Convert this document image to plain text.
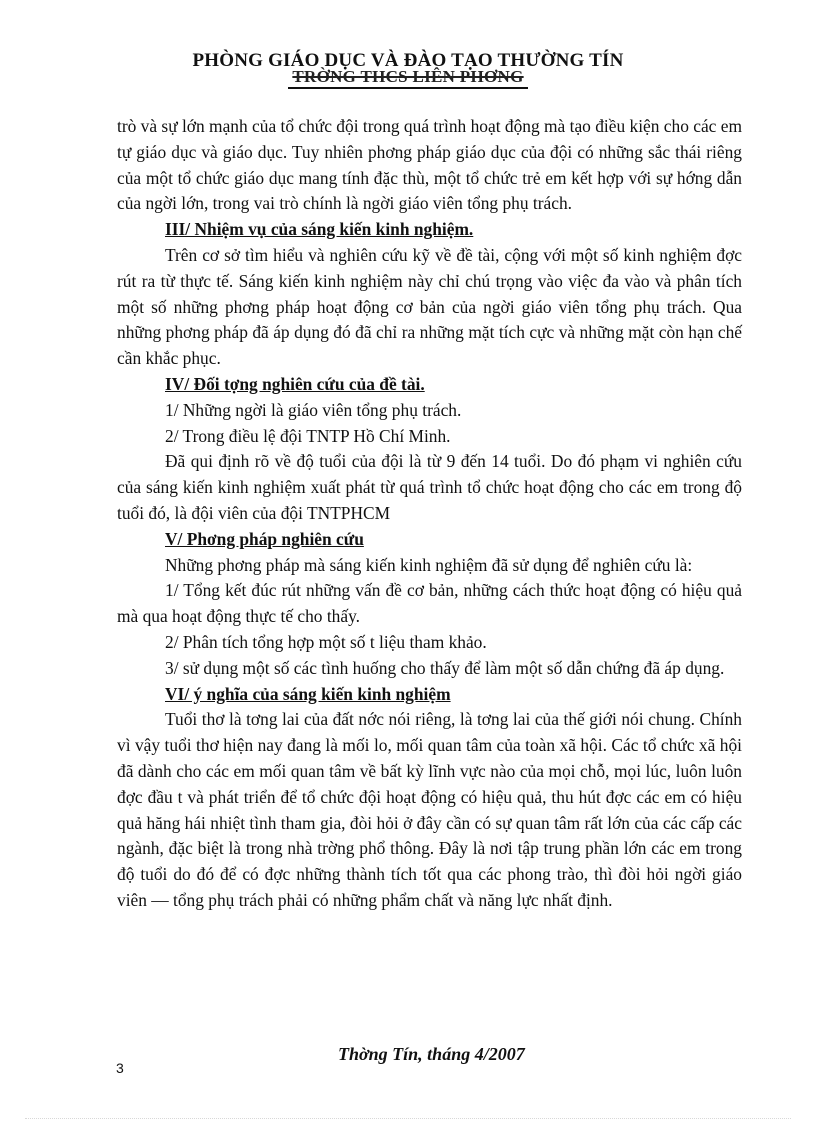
PHÒNG GIÁO DỤC VÀ ĐÀO TẠO THƯỜNG TÍN
TRỜNG THCS LIÊN PHƠNG

trò và sự lớn mạnh của tổ chức đội trong quá trình hoạt động mà tạo điều kiện cho các em tự giáo dục và giáo dục. Tuy nhiên phơng pháp giáo dục của đội có những sắc thái riêng của một tổ chức giáo dục mang tính đặc thù, một tổ chức trẻ em kết hợp với sự hớng dẫn của ngời lớn, trong vai trò chính là ngời giáo viên tổng phụ trách.

III/ Nhiệm vụ của sáng kiến kinh nghiệm.

Trên cơ sở tìm hiểu và nghiên cứu kỹ về đề tài, cộng với một số kinh nghiệm đợc rút ra từ thực tế. Sáng kiến kinh nghiệm này chỉ chú trọng vào việc đa vào và phân tích một số những phơng pháp hoạt động cơ bản của ngời giáo viên tổng phụ trách. Qua những phơng pháp đã áp dụng đó đã chỉ ra những mặt tích cực và những mặt còn hạn chế cần khắc phục.

IV/ Đối tợng nghiên cứu của đề tài.

1/ Những ngời là giáo viên tổng phụ trách.

2/ Trong điều lệ đội TNTP Hồ Chí Minh.

Đã qui định rõ về độ tuổi của đội là từ 9 đến 14 tuổi. Do đó phạm vi nghiên cứu của sáng kiến kinh nghiệm xuất phát từ quá trình tổ chức hoạt động cho các em trong độ tuổi đó, là đội viên của đội TNTPHCM

V/ Phơng pháp nghiên cứu

Những phơng pháp mà sáng kiến kinh nghiệm đã sử dụng để nghiên cứu là:

1/ Tổng kết đúc rút những vấn đề cơ bản, những cách thức hoạt động có hiệu quả mà qua hoạt động thực tế cho thấy.

2/ Phân tích tổng hợp một số t liệu tham khảo.

3/ sử dụng một số các tình huống cho thấy để làm một số dẫn chứng đã áp dụng.

VI/ ý nghĩa của sáng kiến kinh nghiệm

Tuổi thơ là tơng lai của đất nớc nói riêng, là tơng lai của thế giới nói chung. Chính vì vậy tuổi thơ hiện nay đang là mối lo, mối quan tâm của toàn xã hội. Các tổ chức xã hội đã dành cho các em mối quan tâm về bất kỳ lĩnh vực nào của mọi chỗ, mọi lúc, luôn luôn đợc đầu t và phát triển để tổ chức đội hoạt động có hiệu quả, thu hút đợc các em có hiệu quả hăng hái nhiệt tình tham gia, đòi hỏi ở đây cần có sự quan tâm rất lớn của các cấp các ngành, đặc biệt là trong nhà trờng phổ thông. Đây là nơi tập trung phần lớn các em trong độ tuổi do đó để có đợc những thành tích tốt qua các phong trào, thì đòi hỏi ngời giáo viên — tổng phụ trách phải có những phẩm chất và năng lực nhất định.

Thờng Tín, tháng 4/2007
3
